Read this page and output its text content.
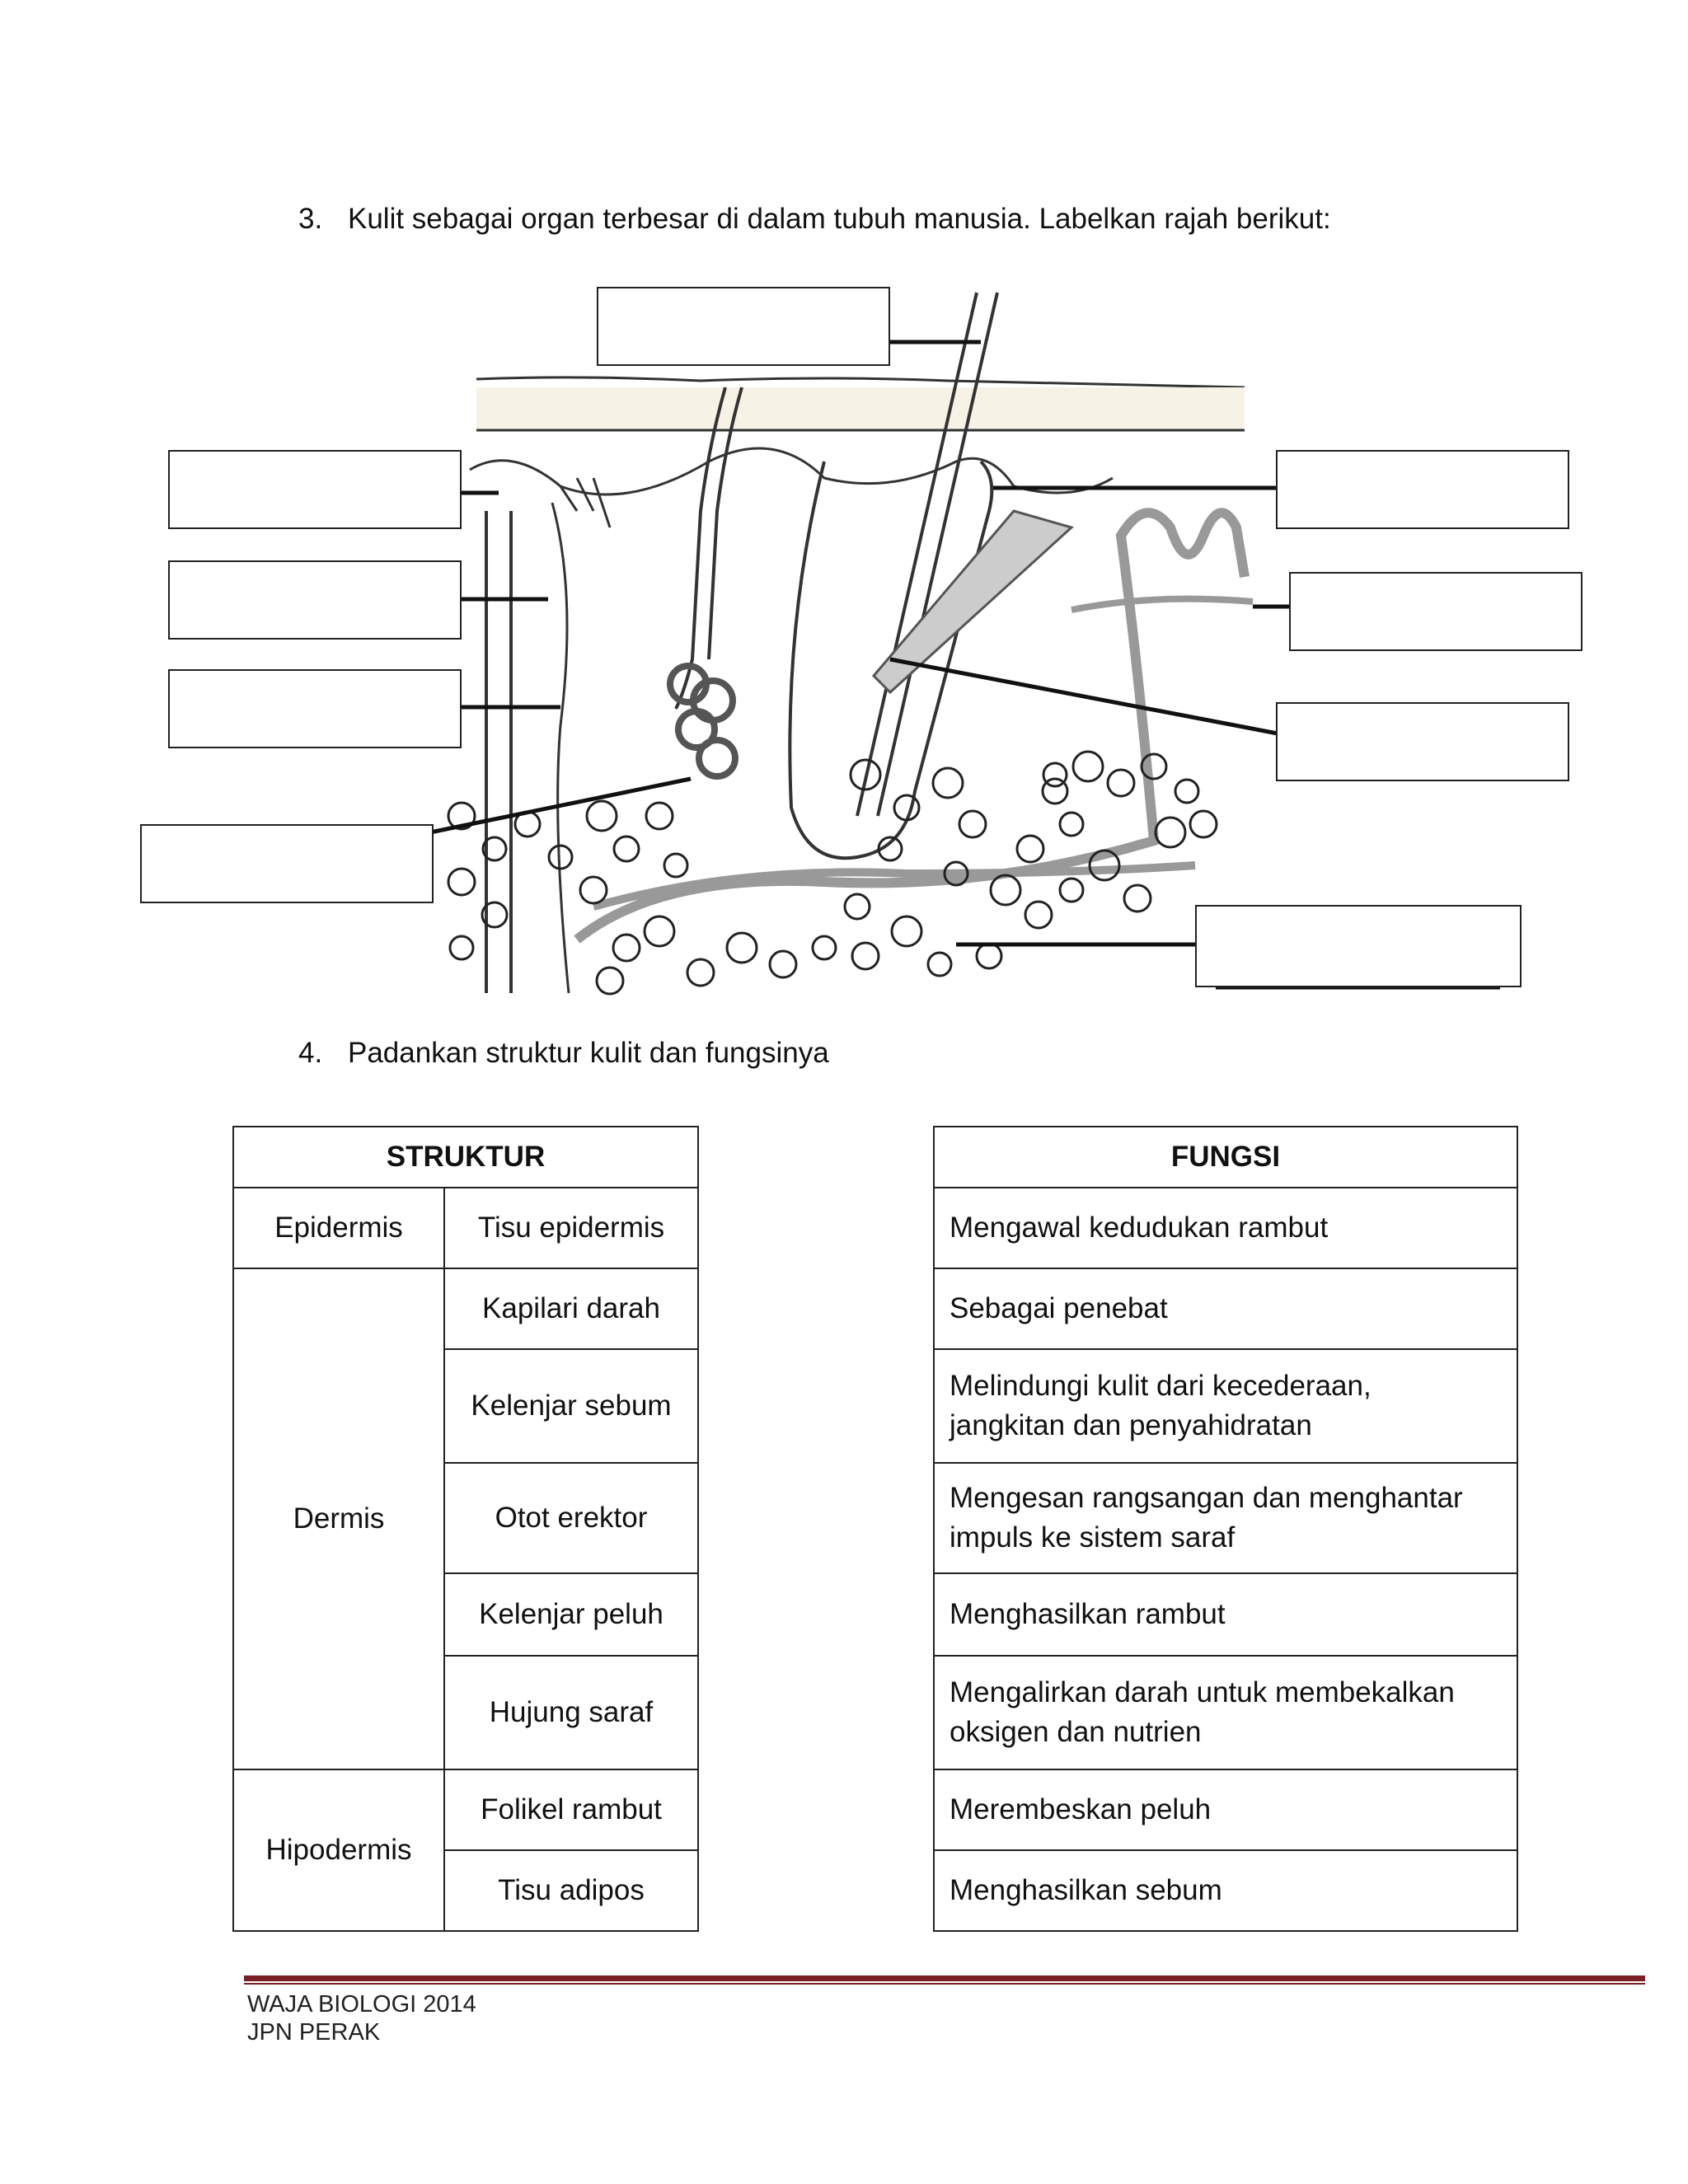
3. Kulit sebagai organ terbesar di dalam tubuh manusia. Labelkan rajah berikut:
4. Padankan struktur kulit dan fungsinya
STRUKTUR	
Epidermis	Tisu epidermis
Dermis	Kapilari darah
	Kelenjar sebum
	Otot erektor
	Kelenjar peluh
	Hujung saraf
Hipodermis	Folikel rambut
	Tisu adipos
FUNGSI
Mengawal kedudukan rambut
Sebagai penebat
Melindungi kulit dari kecederaan,
jangkitan dan penyahidratan
Mengesan rangsangan dan menghantar
impuls ke sistem saraf
Menghasilkan rambut
Mengalirkan darah untuk membekalkan
oksigen dan nutrien
Merembeskan peluh
Menghasilkan sebum
WAJA BIOLOGI 2014
JPN PERAK
